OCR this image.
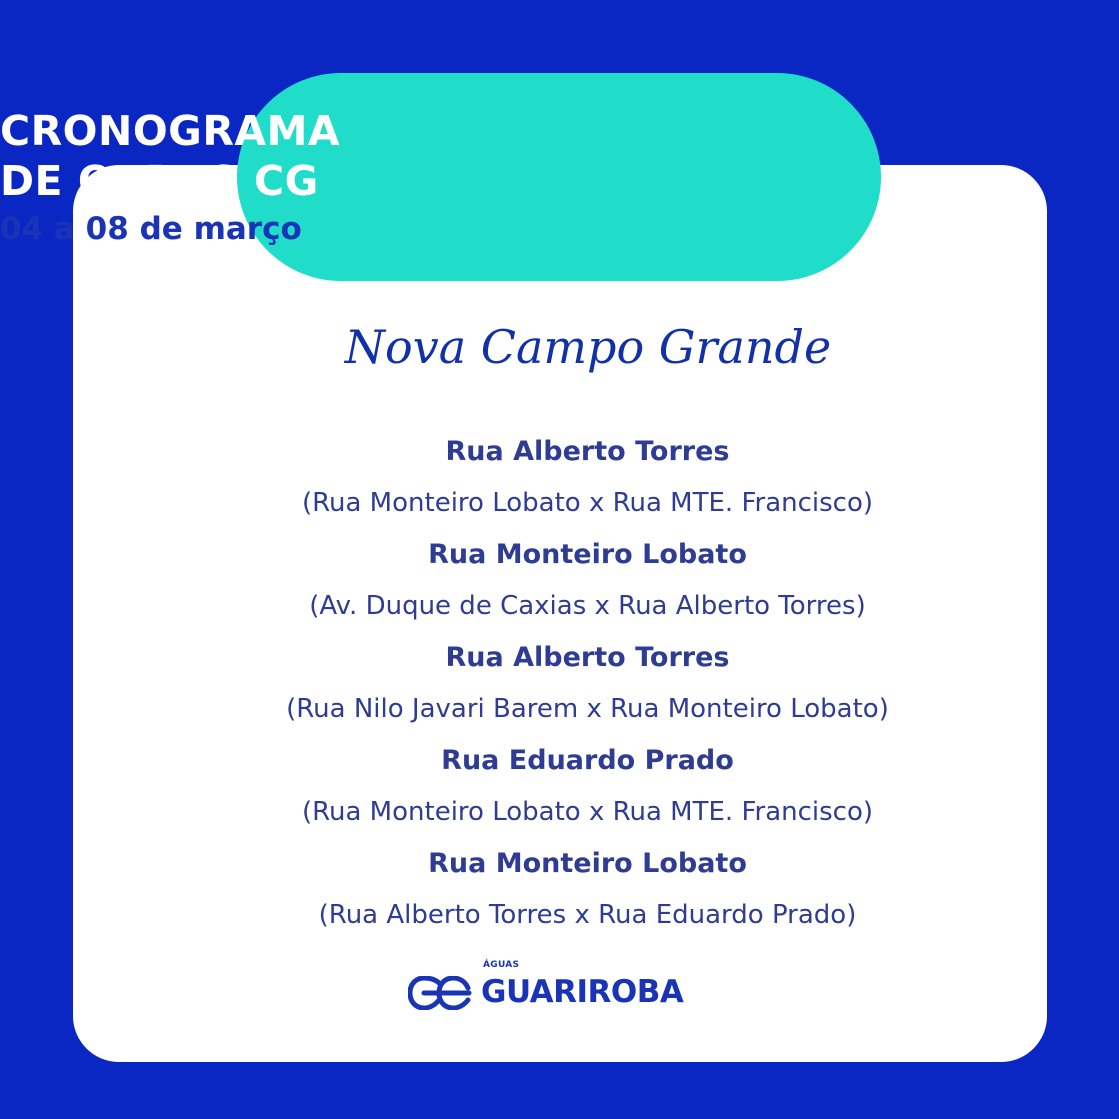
CRONOGRAMA
DE OBRAS CG
04 a 08 de março
Nova Campo Grande
Rua Alberto Torres
(Rua Monteiro Lobato x Rua MTE. Francisco)
Rua Monteiro Lobato
(Av. Duque de Caxias x Rua Alberto Torres)
Rua Alberto Torres
(Rua Nilo Javari Barem x Rua Monteiro Lobato)
Rua Eduardo Prado
(Rua Monteiro Lobato x Rua MTE. Francisco)
Rua Monteiro Lobato
(Rua Alberto Torres x Rua Eduardo Prado)
ÁGUAS
GUARIROBA
